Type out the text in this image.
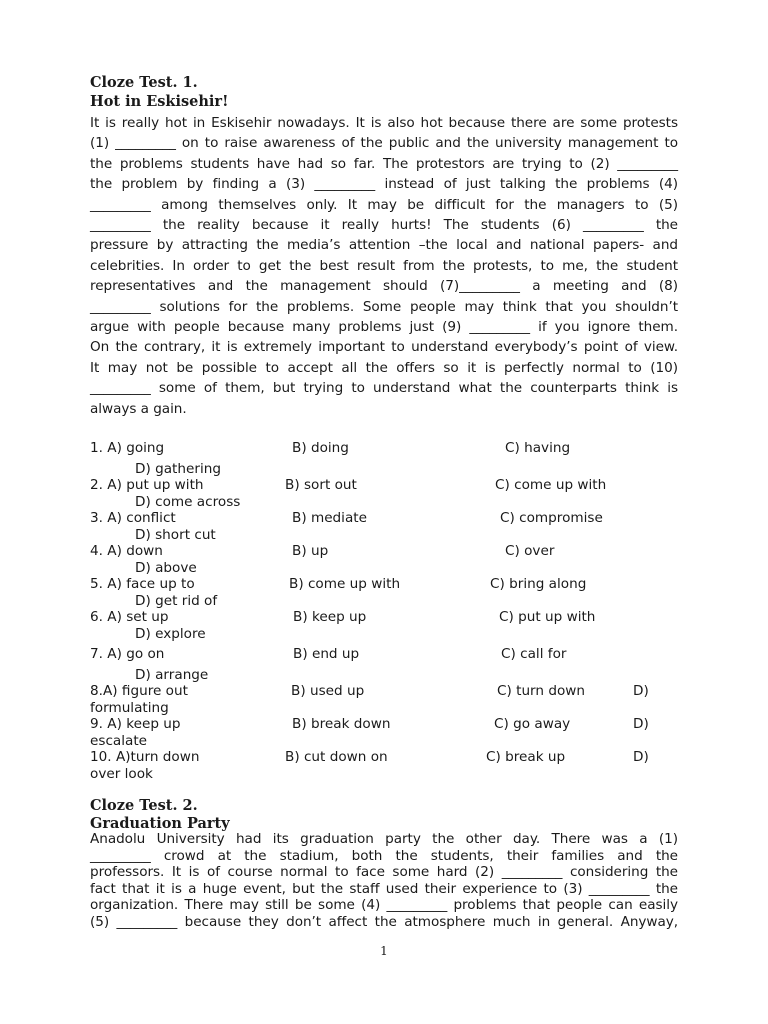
Cloze Test. 1.

Hot in Eskisehir!

It is really hot in Eskisehir nowadays. It is also hot because there are some protests
(1) _________ on to raise awareness of the public and the university management to
the problems students have had so far. The protestors are trying to (2) _________
the problem by finding a (3) _________ instead of just talking the problems (4)
_________ among themselves only. It may be difficult for the managers to (5)
_________ the reality because it really hurts! The students (6) _________ the
pressure by attracting the media’s attention –the local and national papers- and
celebrities. In order to get the best result from the protests, to me, the student
representatives and the management should (7)_________ a meeting and (8)
_________ solutions for the problems. Some people may think that you shouldn’t
argue with people because many problems just (9) _________ if you ignore them.
On the contrary, it is extremely important to understand everybody’s point of view.
It may not be possible to accept all the offers so it is perfectly normal to (10)
_________ some of them, but trying to understand what the counterparts think is
always a gain.
1. A) going	B) doing	C) having
D) gathering
2. A) put up with	B) sort out	C) come up with
D) come across
3. A) conflict	B) mediate	C) compromise
D) short cut
4. A) down	B) up	C) over
D) above
5. A) face up to	B) come up with	C) bring along
D) get rid of
6. A) set up	B) keep up	C) put up with
D) explore
7. A) go on	B) end up	C) call for
D) arrange
8.A) figure out	B) used up	C) turn down	D)
formulating
9. A) keep up	B) break down	C) go away	D)
escalate
10. A)turn down	B) cut down on	C) break up	D)
over look

Cloze Test. 2.

Graduation Party

Anadolu University had its graduation party the other day. There was a (1)
_________ crowd at the stadium, both the students, their families and the
professors. It is of course normal to face some hard (2) _________ considering the
fact that it is a huge event, but the staff used their experience to (3) _________ the
organization. There may still be some (4) _________ problems that people can easily
(5) _________ because they don’t affect the atmosphere much in general. Anyway,
1
